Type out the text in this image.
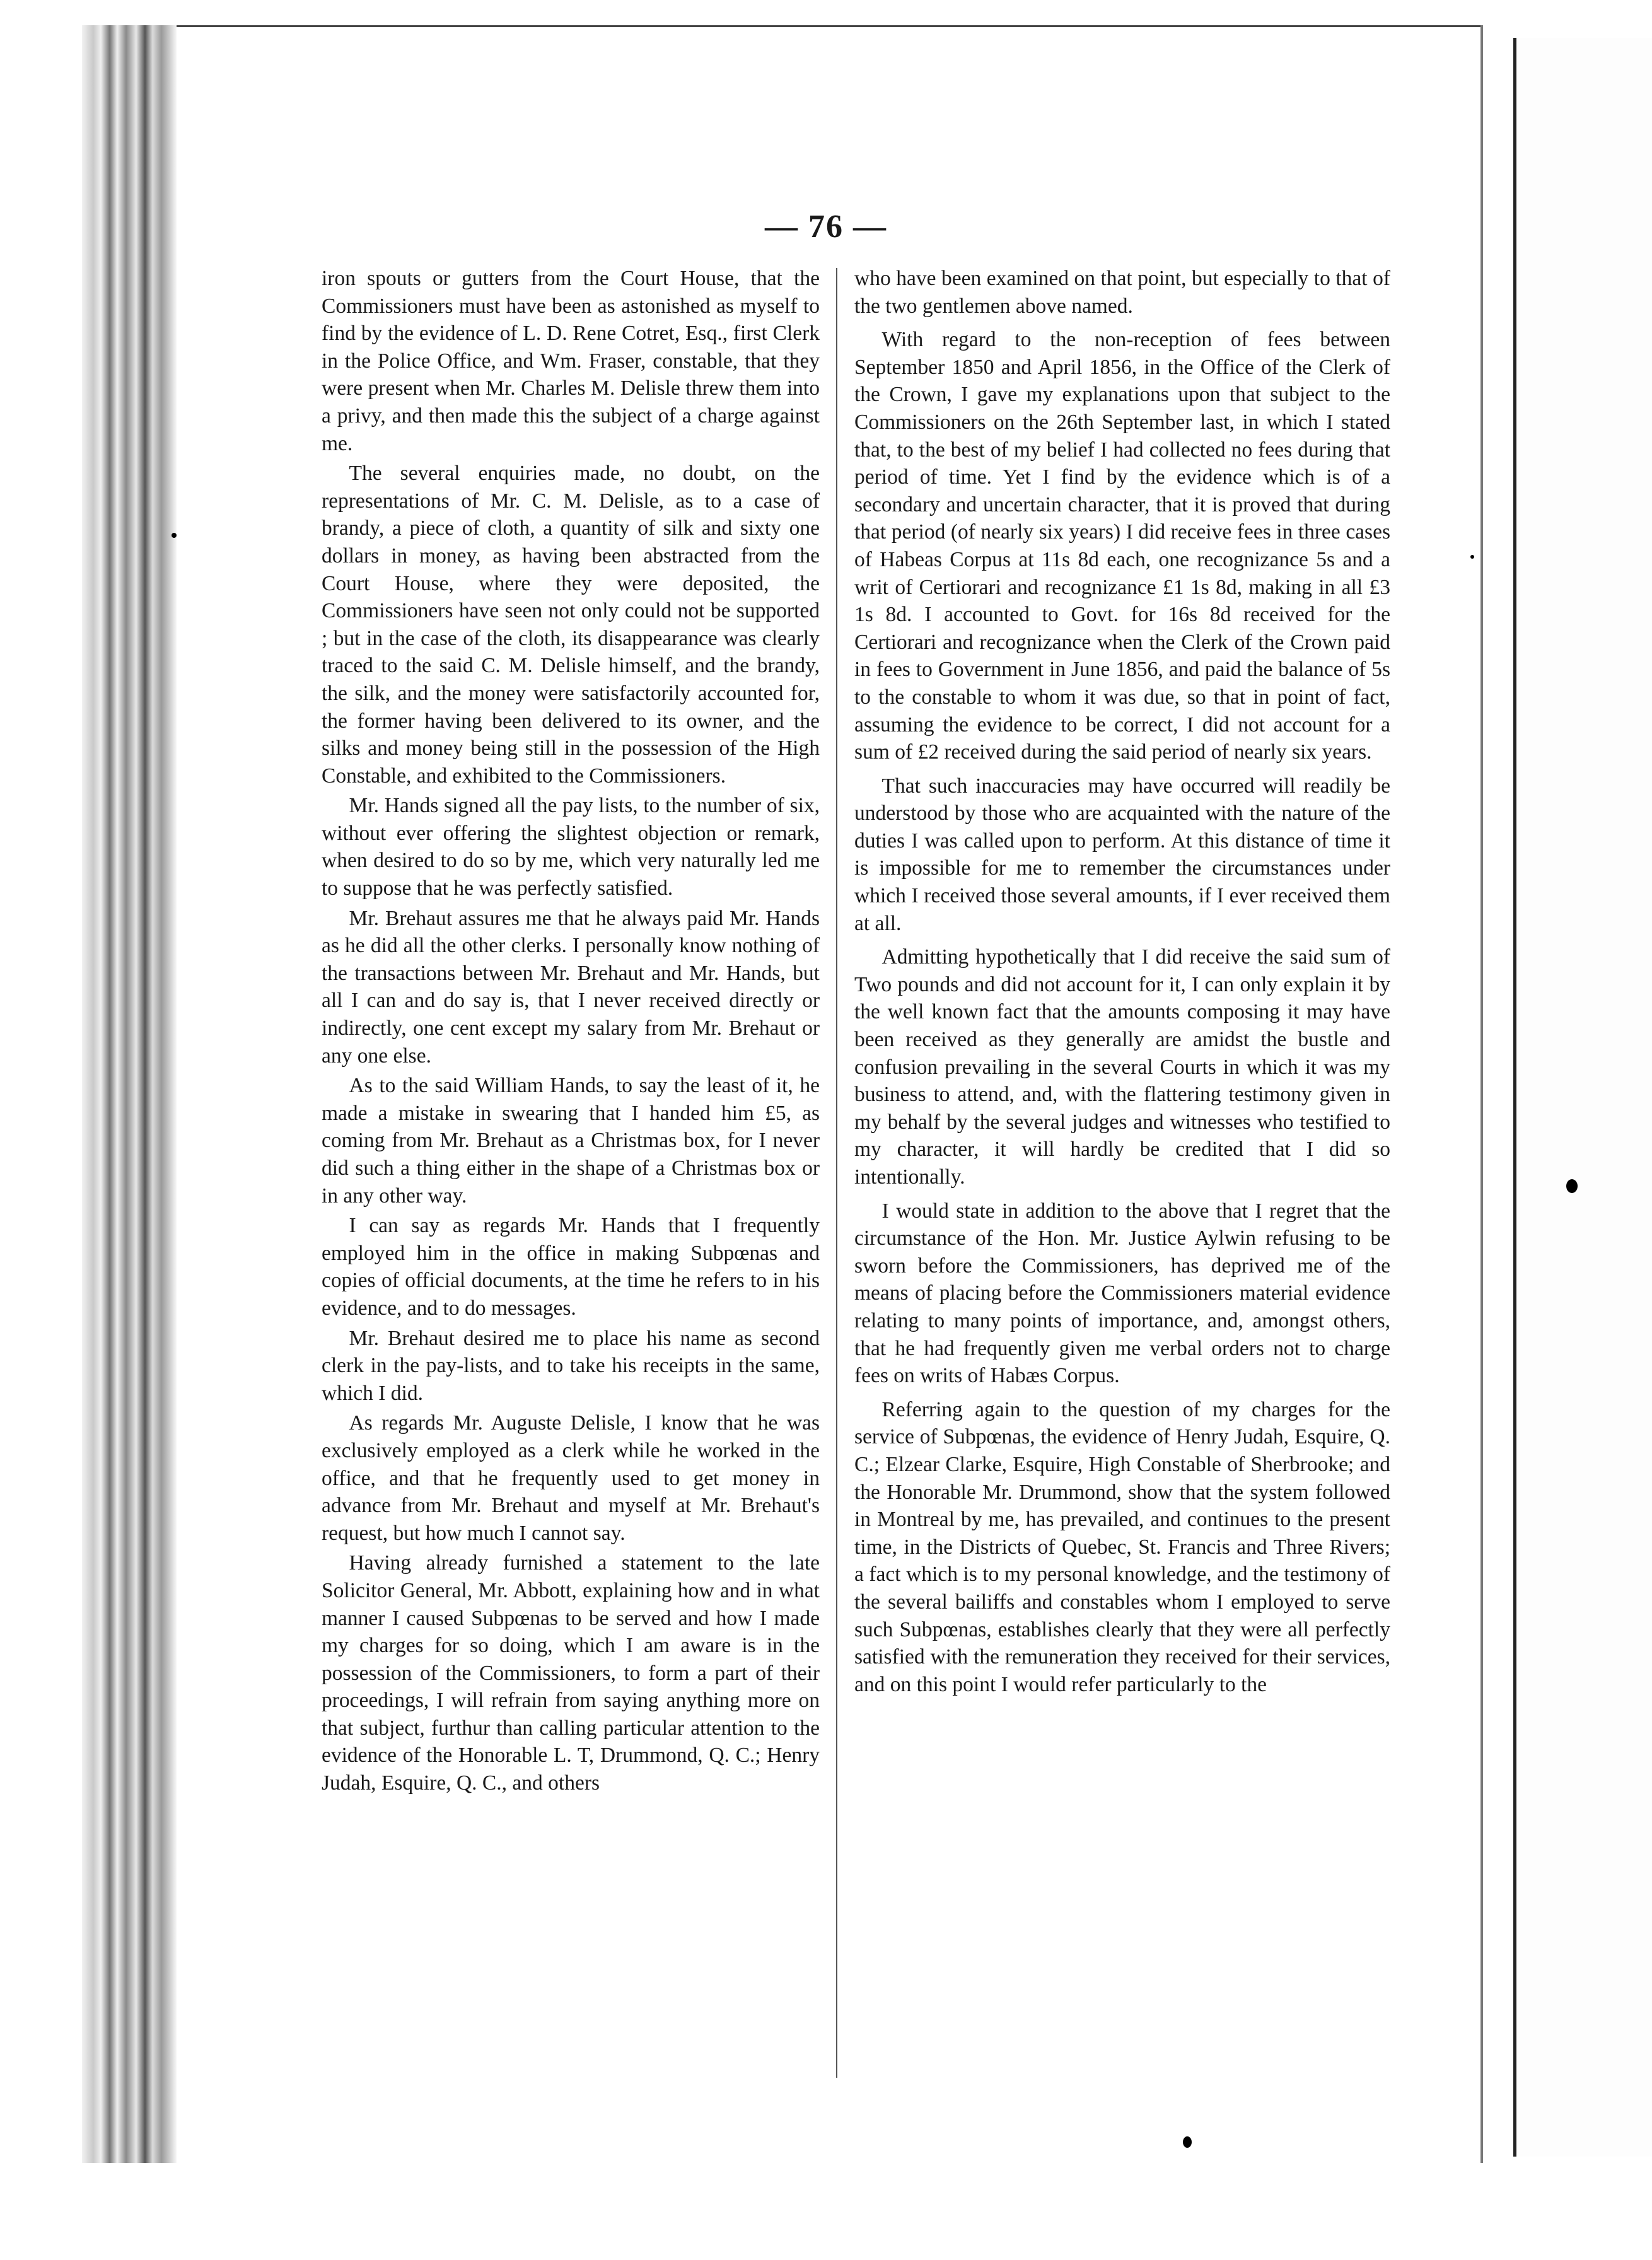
— 76 —

iron spouts or gutters from the Court House, that the Commissioners must have been as astonished as myself to find by the evidence of L. D. Rene Cotret, Esq., first Clerk in the Police Office, and Wm. Fraser, constable, that they were present when Mr. Charles M. Delisle threw them into a privy, and then made this the subject of a charge against me.

The several enquiries made, no doubt, on the representations of Mr. C. M. Delisle, as to a case of brandy, a piece of cloth, a quantity of silk and sixty one dollars in money, as having been abstracted from the Court House, where they were deposited, the Commissioners have seen not only could not be supported ; but in the case of the cloth, its disappearance was clearly traced to the said C. M. Delisle himself, and the brandy, the silk, and the money were satisfactorily accounted for, the former having been delivered to its owner, and the silks and money being still in the possession of the High Constable, and exhibited to the Commissioners.

Mr. Hands signed all the pay lists, to the number of six, without ever offering the slightest objection or remark, when desired to do so by me, which very naturally led me to suppose that he was perfectly satisfied.

Mr. Brehaut assures me that he always paid Mr. Hands as he did all the other clerks. I personally know nothing of the transactions between Mr. Brehaut and Mr. Hands, but all I can and do say is, that I never received directly or indirectly, one cent except my salary from Mr. Brehaut or any one else.

As to the said William Hands, to say the least of it, he made a mistake in swearing that I handed him £5, as coming from Mr. Brehaut as a Christmas box, for I never did such a thing either in the shape of a Christmas box or in any other way.

I can say as regards Mr. Hands that I frequently employed him in the office in making Subpœnas and copies of official documents, at the time he refers to in his evidence, and to do messages.

Mr. Brehaut desired me to place his name as second clerk in the pay-lists, and to take his receipts in the same, which I did.

As regards Mr. Auguste Delisle, I know that he was exclusively employed as a clerk while he worked in the office, and that he frequently used to get money in advance from Mr. Brehaut and myself at Mr. Brehaut's request, but how much I cannot say.

Having already furnished a statement to the late Solicitor General, Mr. Abbott, explaining how and in what manner I caused Subpœnas to be served and how I made my charges for so doing, which I am aware is in the possession of the Commissioners, to form a part of their proceedings, I will refrain from saying anything more on that subject, furthur than calling particular attention to the evidence of the Honorable L. T, Drummond, Q. C.; Henry Judah, Esquire, Q. C., and others

who have been examined on that point, but especially to that of the two gentlemen above named.

With regard to the non-reception of fees between September 1850 and April 1856, in the Office of the Clerk of the Crown, I gave my explanations upon that subject to the Commissioners on the 26th September last, in which I stated that, to the best of my belief I had collected no fees during that period of time. Yet I find by the evidence which is of a secondary and uncertain character, that it is proved that during that period (of nearly six years) I did receive fees in three cases of Habeas Corpus at 11s 8d each, one recognizance 5s and a writ of Certiorari and recognizance £1 1s 8d, making in all £3 1s 8d. I accounted to Govt. for 16s 8d received for the Certiorari and recognizance when the Clerk of the Crown paid in fees to Government in June 1856, and paid the balance of 5s to the constable to whom it was due, so that in point of fact, assuming the evidence to be correct, I did not account for a sum of £2 received during the said period of nearly six years.

That such inaccuracies may have occurred will readily be understood by those who are acquainted with the nature of the duties I was called upon to perform. At this distance of time it is impossible for me to remember the circumstances under which I received those several amounts, if I ever received them at all.

Admitting hypothetically that I did receive the said sum of Two pounds and did not account for it, I can only explain it by the well known fact that the amounts composing it may have been received as they generally are amidst the bustle and confusion prevailing in the several Courts in which it was my business to attend, and, with the flattering testimony given in my behalf by the several judges and witnesses who testified to my character, it will hardly be credited that I did so intentionally.

I would state in addition to the above that I regret that the circumstance of the Hon. Mr. Justice Aylwin refusing to be sworn before the Commissioners, has deprived me of the means of placing before the Commissioners material evidence relating to many points of importance, and, amongst others, that he had frequently given me verbal orders not to charge fees on writs of Habæs Corpus.

Referring again to the question of my charges for the service of Subpœnas, the evidence of Henry Judah, Esquire, Q. C.; Elzear Clarke, Esquire, High Constable of Sherbrooke; and the Honorable Mr. Drummond, show that the system followed in Montreal by me, has prevailed, and continues to the present time, in the Districts of Quebec, St. Francis and Three Rivers; a fact which is to my personal knowledge, and the testimony of the several bailiffs and constables whom I employed to serve such Subpœnas, establishes clearly that they were all perfectly satisfied with the remuneration they received for their services, and on this point I would refer particularly to the
